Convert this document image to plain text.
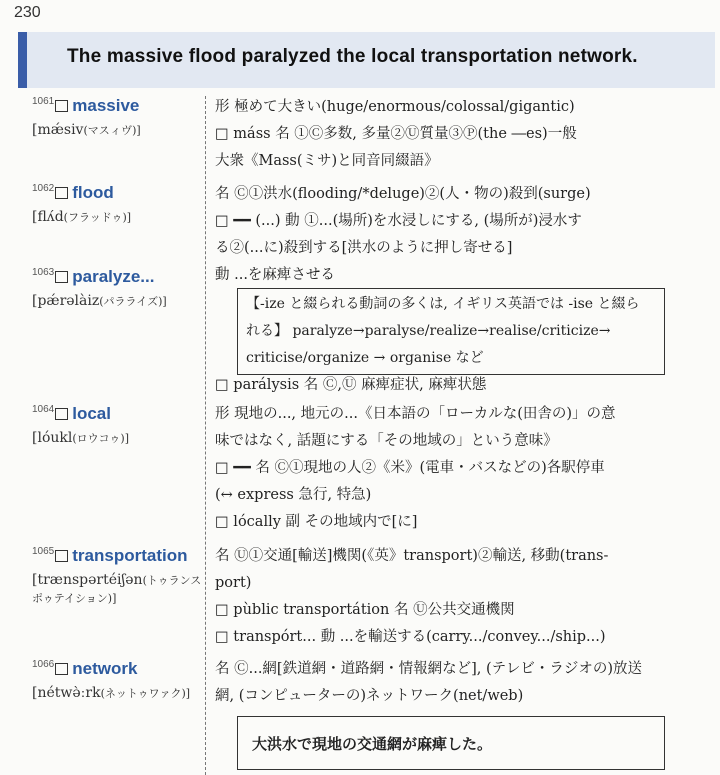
230
The massive flood paralyzed the local transportation network.
$^{1061}$ massive
[mǽsiv(マスィヴ)]
形 極めて大きい(huge/enormous/colossal/gigantic)
□ máss 名 ①Ⓒ多数, 多量②Ⓤ質量③Ⓟ(the ―es)一般
大衆《Mass(ミサ)と同音同綴語》
$^{1062}$ flood
[flʌ́d(フラッドゥ)]
名 Ⓒ①洪水(flooding/*deluge)②(人・物の)殺到(surge)
□ ━━ (...) 動 ①...(場所)を水浸しにする, (場所が)浸水す
る②(...に)殺到する[洪水のように押し寄せる]
$^{1063}$ paralyze...
[pǽrəlàiz(パラライズ)]
動 ...を麻痺させる
【-ize と綴られる動詞の多くは, イギリス英語では -ise と綴ら
れる】 paralyze→paralyse/realize→realise/criticize→
criticise/organize → organise など
□ parálysis 名 Ⓒ,Ⓤ 麻痺症状, 麻痺状態
$^{1064}$ local
[lóukl(ロウコゥ)]
形 現地の..., 地元の...《日本語の「ローカルな(田舎の)」の意
味ではなく, 話題にする「その地域の」という意味》
□ ━━ 名 Ⓒ①現地の人②《米》(電車・バスなどの)各駅停車
(↔ express 急行, 特急)
□ lócally 副 その地域内で[に]
$^{1065}$ transportation
[trænspərtéiʃən(トゥランス
ポゥテイション)]
名 Ⓤ①交通[輸送]機関(《英》transport)②輸送, 移動(trans-
port)
□ pùblic transportátion 名 Ⓤ公共交通機関
□ transpórt... 動 ...を輸送する(carry.../convey.../ship...)
$^{1066}$ network
[nétwə̀ːrk(ネットゥワァク)]
名 Ⓒ...網[鉄道網・道路網・情報網など], (テレビ・ラジオの)放送
網, (コンピューターの)ネットワーク(net/web)
大洪水で現地の交通網が麻痺した。
